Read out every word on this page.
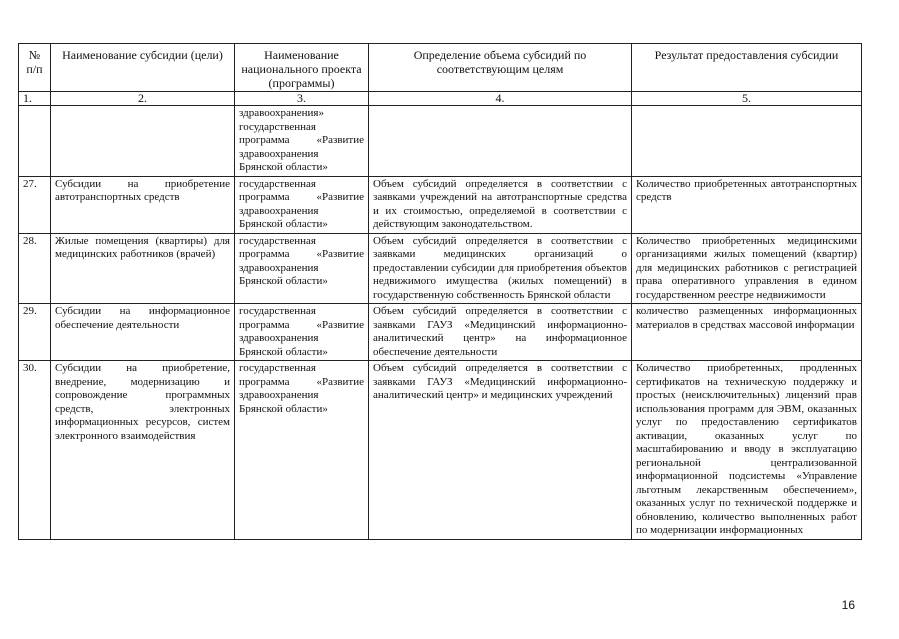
№ п/п	Наименование субсидии (цели)	Наименование национального проекта (программы)	Определение объема субсидий по соответствующим целям	Результат предоставления субсидии
1.	2.	3.	4.	5.
		здравоохранения» государственная программа «Развитие здравоохранения Брянской области»		
27.	Субсидии на приобретение автотранспортных средств	государственная программа «Развитие здравоохранения Брянской области»	Объем субсидий определяется в соответствии с заявками учреждений на автотранспортные средства и их стоимостью, определяемой в соответствии с действующим законодательством.	Количество приобретенных автотранспортных средств
28.	Жилые помещения (квартиры) для медицинских работников (врачей)	государственная программа «Развитие здравоохранения Брянской области»	Объем субсидий определяется в соответствии с заявками медицинских организаций о предоставлении субсидии для приобретения объектов недвижимого имущества (жилых помещений) в государственную собственность Брянской области	Количество приобретенных медицинскими организациями жилых помещений (квартир) для медицинских работников с регистрацией права оперативного управления в едином государственном реестре недвижимости
29.	Субсидии на информационное обеспечение деятельности	государственная программа «Развитие здравоохранения Брянской области»	Объем субсидий определяется в соответствии с заявками ГАУЗ «Медицинский информационно-аналитический центр» на информационное обеспечение деятельности	количество размещенных информационных материалов в средствах массовой информации
30.	Субсидии на приобретение, внедрение, модернизацию и сопровождение программных средств, электронных информационных ресурсов, систем электронного взаимодействия	государственная программа «Развитие здравоохранения Брянской области»	Объем субсидий определяется в соответствии с заявками ГАУЗ «Медицинский информационно-аналитический центр» и медицинских учреждений	Количество приобретенных, продленных сертификатов на техническую поддержку и простых (неисключительных) лицензий прав использования программ для ЭВМ, оказанных услуг по предоставлению сертификатов активации, оказанных услуг по масштабированию и вводу в эксплуатацию региональной централизованной информационной подсистемы «Управление льготным лекарственным обеспечением», оказанных услуг по технической поддержке и обновлению, количество выполненных работ по модернизации информационных
16
